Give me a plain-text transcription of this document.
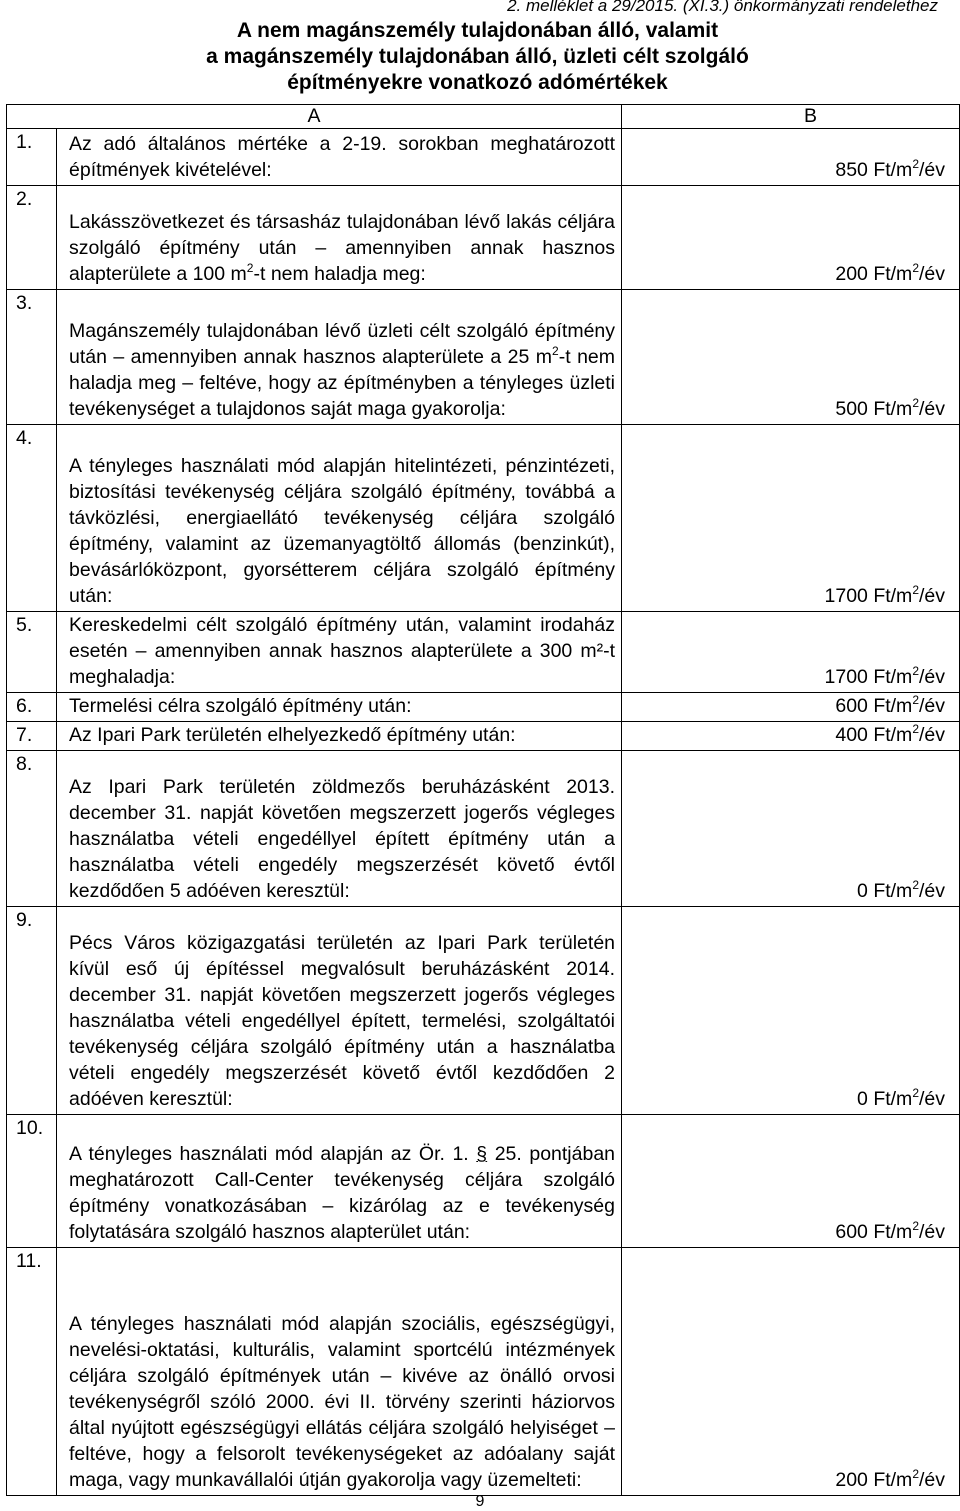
2. melléklet a 29/2015. (XI.3.) önkormányzati rendelethez
A nem magánszemély tulajdonában álló, valamit
a magánszemély tulajdonában álló, üzleti célt szolgáló
építményekre vonatkozó adómértékek
A		B
1.	Az adó általános mértéke a 2-19. sorokban meghatározott építmények kivételével:	850 $Ft/m^2/év$
2.	Lakásszövetkezet és társasház tulajdonában lévő lakás céljára szolgáló építmény után – amennyiben annak hasznos alapterülete a 100 $m^2-t$ nem haladja meg:	200 $Ft/m^2/év$
3.	Magánszemély tulajdonában lévő üzleti célt szolgáló építmény után – amennyiben annak hasznos alapterülete a 25 $m^2-t$ nem haladja meg – feltéve, hogy az építményben a tényleges üzleti tevékenységet a tulajdonos saját maga gyakorolja:	500 $Ft/m^2/év$
4.	A tényleges használati mód alapján hitelintézeti, pénzintézeti, biztosítási tevékenység céljára szolgáló építmény, továbbá a távközlési, energiaellátó tevékenység céljára szolgáló építmény, valamint az üzemanyagtöltő állomás (benzinkút), bevásárlóközpont, gyorsétterem céljára szolgáló építmény után:	1700 $Ft/m^2/év$
5.	Kereskedelmi célt szolgáló építmény után, valamint irodaház esetén – amennyiben annak hasznos alapterülete a 300 m²-t meghaladja:	1700 $Ft/m^2/év$
6.	Termelési célra szolgáló építmény után:	600 $Ft/m^2/év$
7.	Az Ipari Park területén elhelyezkedő építmény után:	400 $Ft/m^2/év$
8.	Az Ipari Park területén zöldmezős beruházásként 2013. december 31. napját követően megszerzett jogerős végleges használatba vételi engedéllyel épített építmény után a használatba vételi engedély megszerzését követő évtől kezdődően 5 adóéven keresztül:	0 $Ft/m^2/év$
9.	Pécs Város közigazgatási területén az Ipari Park területén kívül eső új építéssel megvalósult beruházásként 2014. december 31. napját követően megszerzett jogerős végleges használatba vételi engedéllyel épített, termelési, szolgáltatói tevékenység céljára szolgáló építmény után a használatba vételi engedély megszerzését követő évtől kezdődően 2 adóéven keresztül:	0 $Ft/m^2/év$
10.	A tényleges használati mód alapján az Ör. 1. § 25. pontjában meghatározott Call-Center tevékenység céljára szolgáló építmény vonatkozásában – kizárólag az e tevékenység folytatására szolgáló hasznos alapterület után:	600 $Ft/m^2/év$
11.	A tényleges használati mód alapján szociális, egészségügyi, nevelési-oktatási, kulturális, valamint sportcélú intézmények céljára szolgáló építmények után – kivéve az önálló orvosi tevékenységről szóló 2000. évi II. törvény szerinti háziorvos által nyújtott egészségügyi ellátás céljára szolgáló helyiséget – feltéve, hogy a felsorolt tevékenységeket az adóalany saját maga, vagy munkavállalói útján gyakorolja vagy üzemelteti:	200 $Ft/m^2/év$
9
